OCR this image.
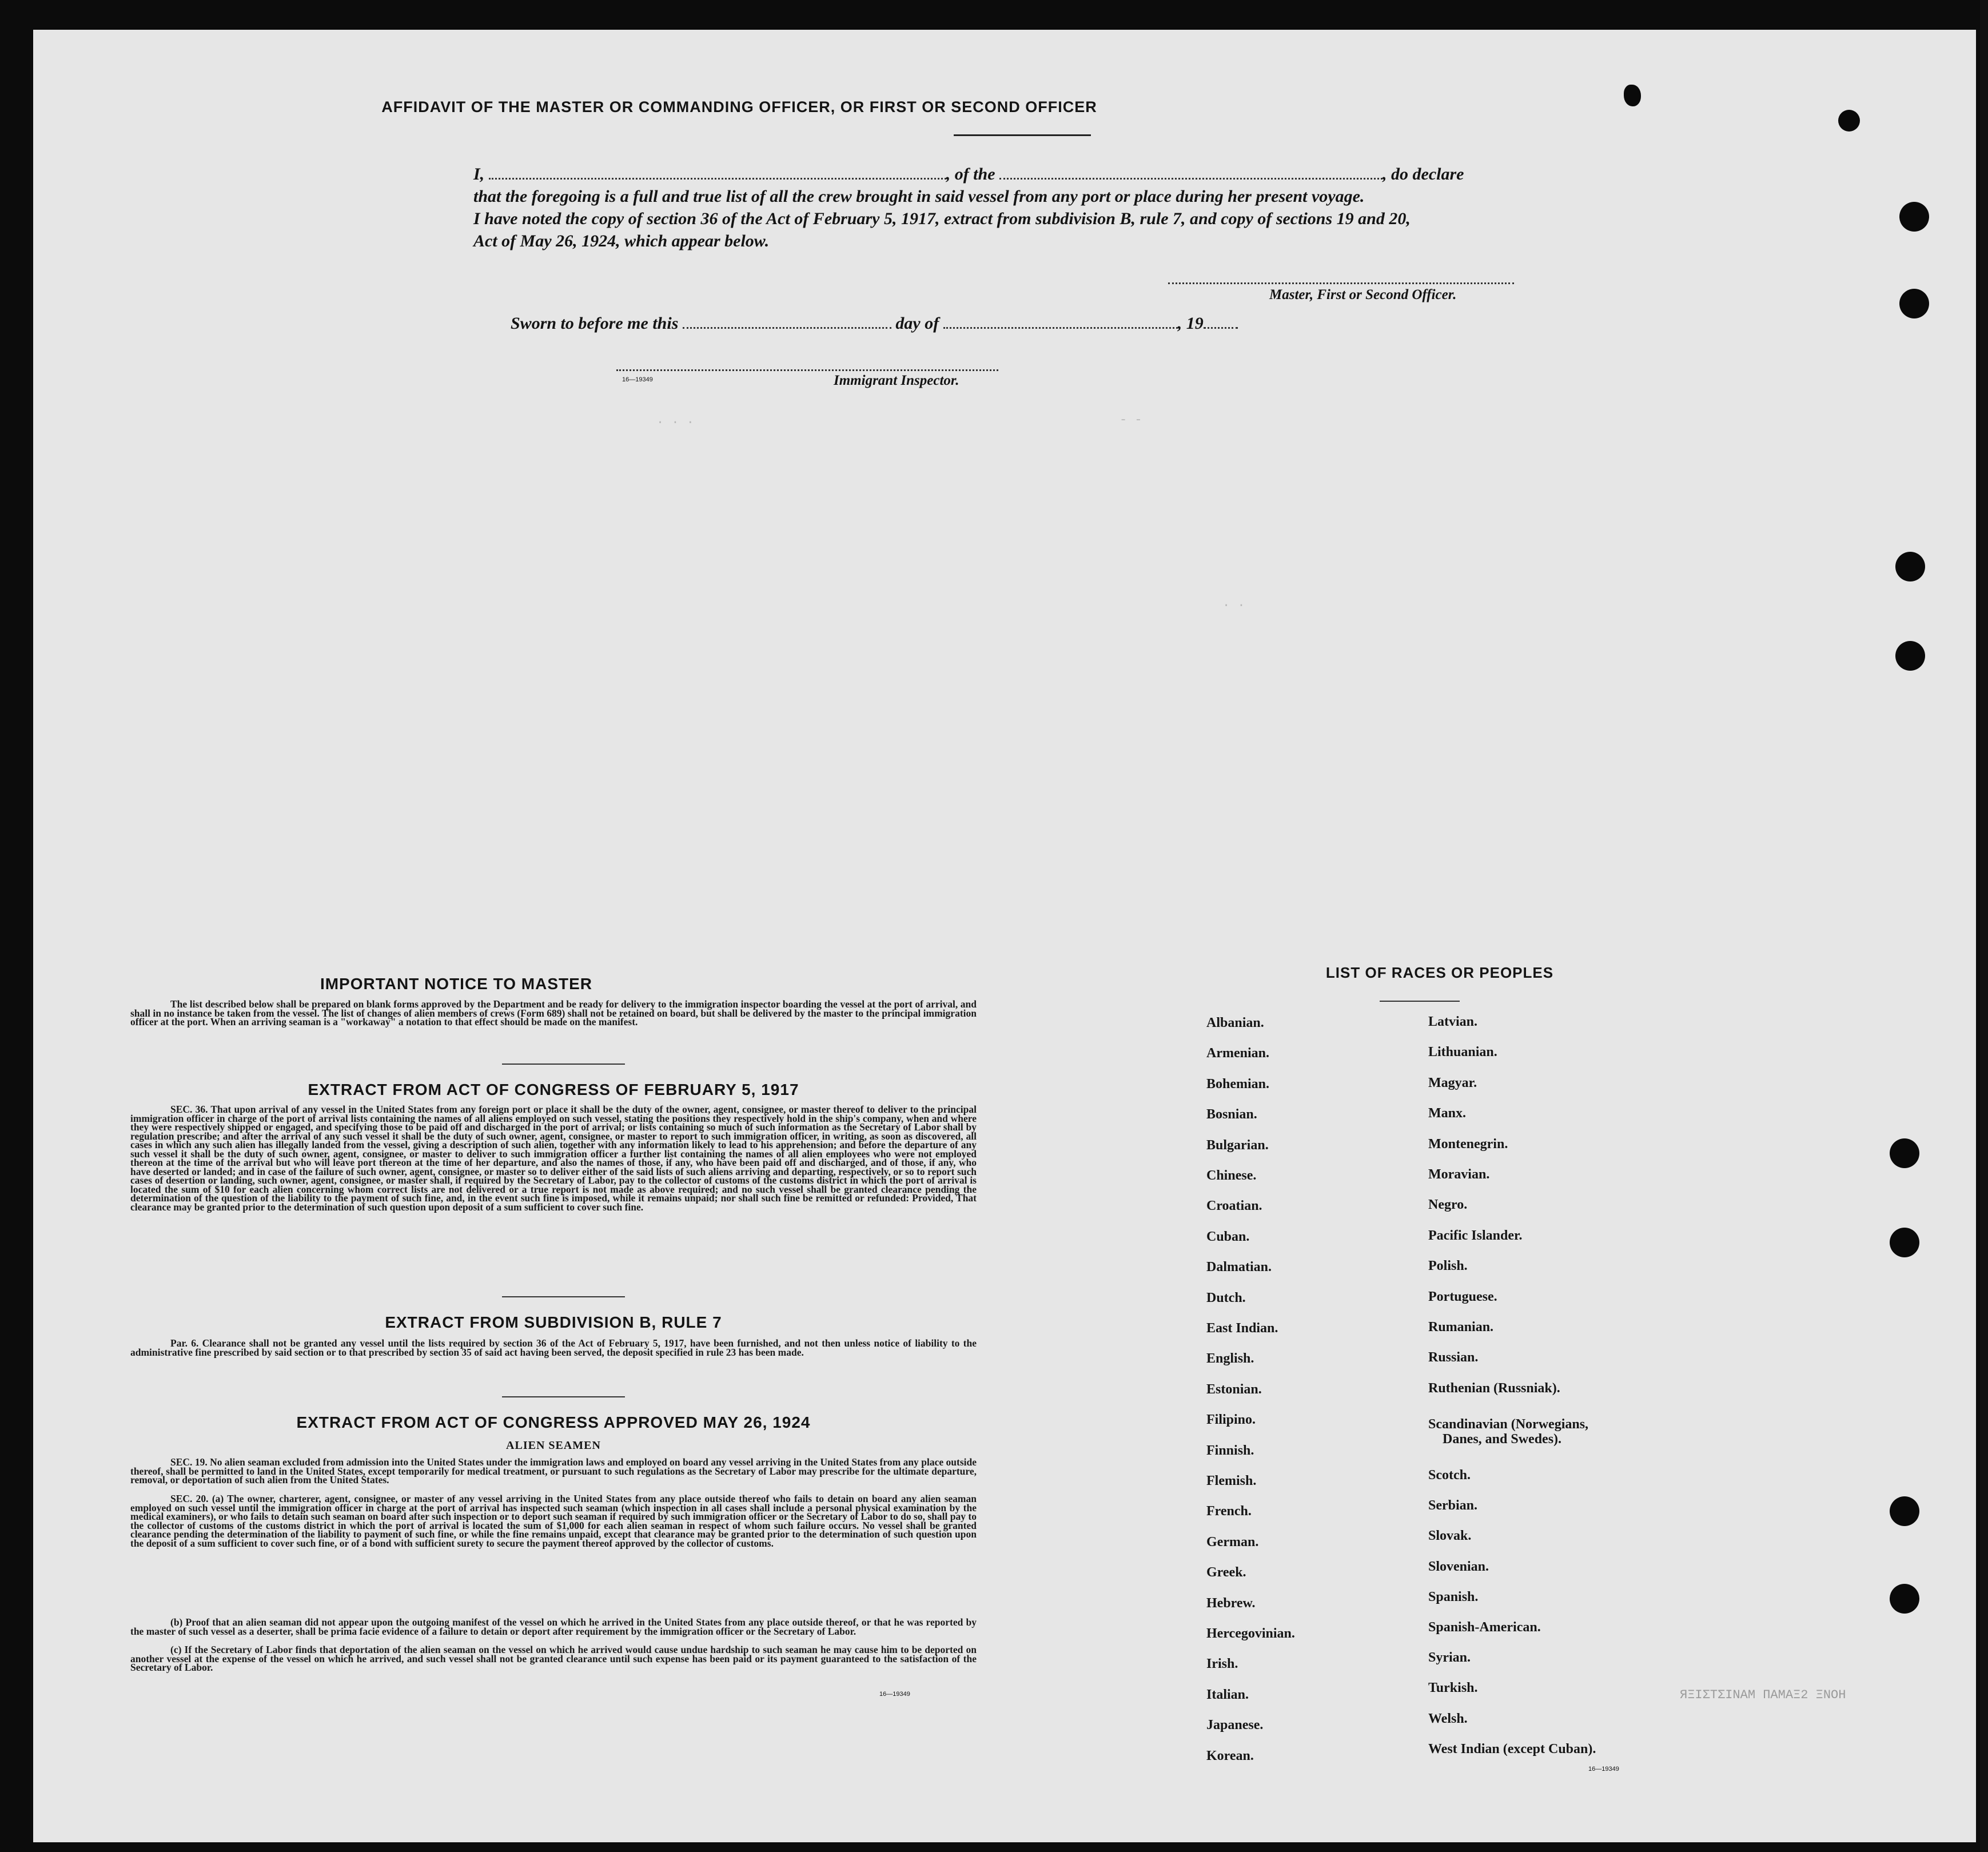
AFFIDAVIT OF THE MASTER OR COMMANDING OFFICER, OR FIRST OR SECOND OFFICER
I,	, of the	, do declare
that the foregoing is a full and true list of all the crew brought in said vessel from any port or place during her present voyage.
I have noted the copy of section 36 of the Act of February 5, 1917, extract from subdivision B, rule 7, and copy of sections 19 and 20,
Act of May 26, 1924, which appear below.
Master, First or Second Officer.
Sworn to before me this	day of	, 19
16—19349	Immigrant Inspector.
IMPORTANT NOTICE TO MASTER
The list described below shall be prepared on blank forms approved by the Department and be ready for delivery to the immigration inspector boarding the vessel at the port of arrival, and shall in no instance be taken from the vessel. The list of changes of alien members of crews (Form 689) shall not be retained on board, but shall be delivered by the master to the principal immigration officer at the port. When an arriving seaman is a "workaway" a notation to that effect should be made on the manifest.
EXTRACT FROM ACT OF CONGRESS OF FEBRUARY 5, 1917
SEC. 36. That upon arrival of any vessel in the United States from any foreign port or place it shall be the duty of the owner, agent, consignee, or master thereof to deliver to the principal immigration officer in charge of the port of arrival lists containing the names of all aliens employed on such vessel, stating the positions they respectively hold in the ship's company, when and where they were respectively shipped or engaged, and specifying those to be paid off and discharged in the port of arrival; or lists containing so much of such information as the Secretary of Labor shall by regulation prescribe; and after the arrival of any such vessel it shall be the duty of such owner, agent, consignee, or master to report to such immigration officer, in writing, as soon as discovered, all cases in which any such alien has illegally landed from the vessel, giving a description of such alien, together with any information likely to lead to his apprehension; and before the departure of any such vessel it shall be the duty of such owner, agent, consignee, or master to deliver to such immigration officer a further list containing the names of all alien employees who were not employed thereon at the time of the arrival but who will leave port thereon at the time of her departure, and also the names of those, if any, who have been paid off and discharged, and of those, if any, who have deserted or landed; and in case of the failure of such owner, agent, consignee, or master so to deliver either of the said lists of such aliens arriving and departing, respectively, or so to report such cases of desertion or landing, such owner, agent, consignee, or master shall, if required by the Secretary of Labor, pay to the collector of customs of the customs district in which the port of arrival is located the sum of $10 for each alien concerning whom correct lists are not delivered or a true report is not made as above required; and no such vessel shall be granted clearance pending the determination of the question of the liability to the payment of such fine, and, in the event such fine is imposed, while it remains unpaid; nor shall such fine be remitted or refunded: Provided, That clearance may be granted prior to the determination of such question upon deposit of a sum sufficient to cover such fine.
EXTRACT FROM SUBDIVISION B, RULE 7
Par. 6. Clearance shall not be granted any vessel until the lists required by section 36 of the Act of February 5, 1917, have been furnished, and not then unless notice of liability to the administrative fine prescribed by said section or to that prescribed by section 35 of said act having been served, the deposit specified in rule 23 has been made.
EXTRACT FROM ACT OF CONGRESS APPROVED MAY 26, 1924
ALIEN SEAMEN
SEC. 19. No alien seaman excluded from admission into the United States under the immigration laws and employed on board any vessel arriving in the United States from any place outside thereof, shall be permitted to land in the United States, except temporarily for medical treatment, or pursuant to such regulations as the Secretary of Labor may prescribe for the ultimate departure, removal, or deportation of such alien from the United States.
SEC. 20. (a) The owner, charterer, agent, consignee, or master of any vessel arriving in the United States from any place outside thereof who fails to detain on board any alien seaman employed on such vessel until the immigration officer in charge at the port of arrival has inspected such seaman (which inspection in all cases shall include a personal physical examination by the medical examiners), or who fails to detain such seaman on board after such inspection or to deport such seaman if required by such immigration officer or the Secretary of Labor to do so, shall pay to the collector of customs of the customs district in which the port of arrival is located the sum of $1,000 for each alien seaman in respect of whom such failure occurs. No vessel shall be granted clearance pending the determination of the liability to payment of such fine, or while the fine remains unpaid, except that clearance may be granted prior to the determination of such question upon the deposit of a sum sufficient to cover such fine, or of a bond with sufficient surety to secure the payment thereof approved by the collector of customs.
(b) Proof that an alien seaman did not appear upon the outgoing manifest of the vessel on which he arrived in the United States from any place outside thereof, or that he was reported by the master of such vessel as a deserter, shall be prima facie evidence of a failure to detain or deport after requirement by the immigration officer or the Secretary of Labor.
(c) If the Secretary of Labor finds that deportation of the alien seaman on the vessel on which he arrived would cause undue hardship to such seaman he may cause him to be deported on another vessel at the expense of the vessel on which he arrived, and such vessel shall not be granted clearance until such expense has been paid or its payment guaranteed to the satisfaction of the Secretary of Labor.
16—19349
LIST OF RACES OR PEOPLES
Albanian.
Armenian.
Bohemian.
Bosnian.
Bulgarian.
Chinese.
Croatian.
Cuban.
Dalmatian.
Dutch.
East Indian.
English.
Estonian.
Filipino.
Finnish.
Flemish.
French.
German.
Greek.
Hebrew.
Hercegovinian.
Irish.
Italian.
Japanese.
Korean.
Latvian.
Lithuanian.
Magyar.
Manx.
Montenegrin.
Moravian.
Negro.
Pacific Islander.
Polish.
Portuguese.
Rumanian.
Russian.
Ruthenian (Russniak).
Scandinavian (Norwegians,
Danes, and Swedes).
Scotch.
Serbian.
Slovak.
Slovenian.
Spanish.
Spanish-American.
Syrian.
Turkish.
Welsh.
West Indian (except Cuban).
16—19349
. . .	- -
. .
ЯΞIΣΤΣΙΝΑΜ ΠΑΜΑΞ2 ΞΝΟΗ
